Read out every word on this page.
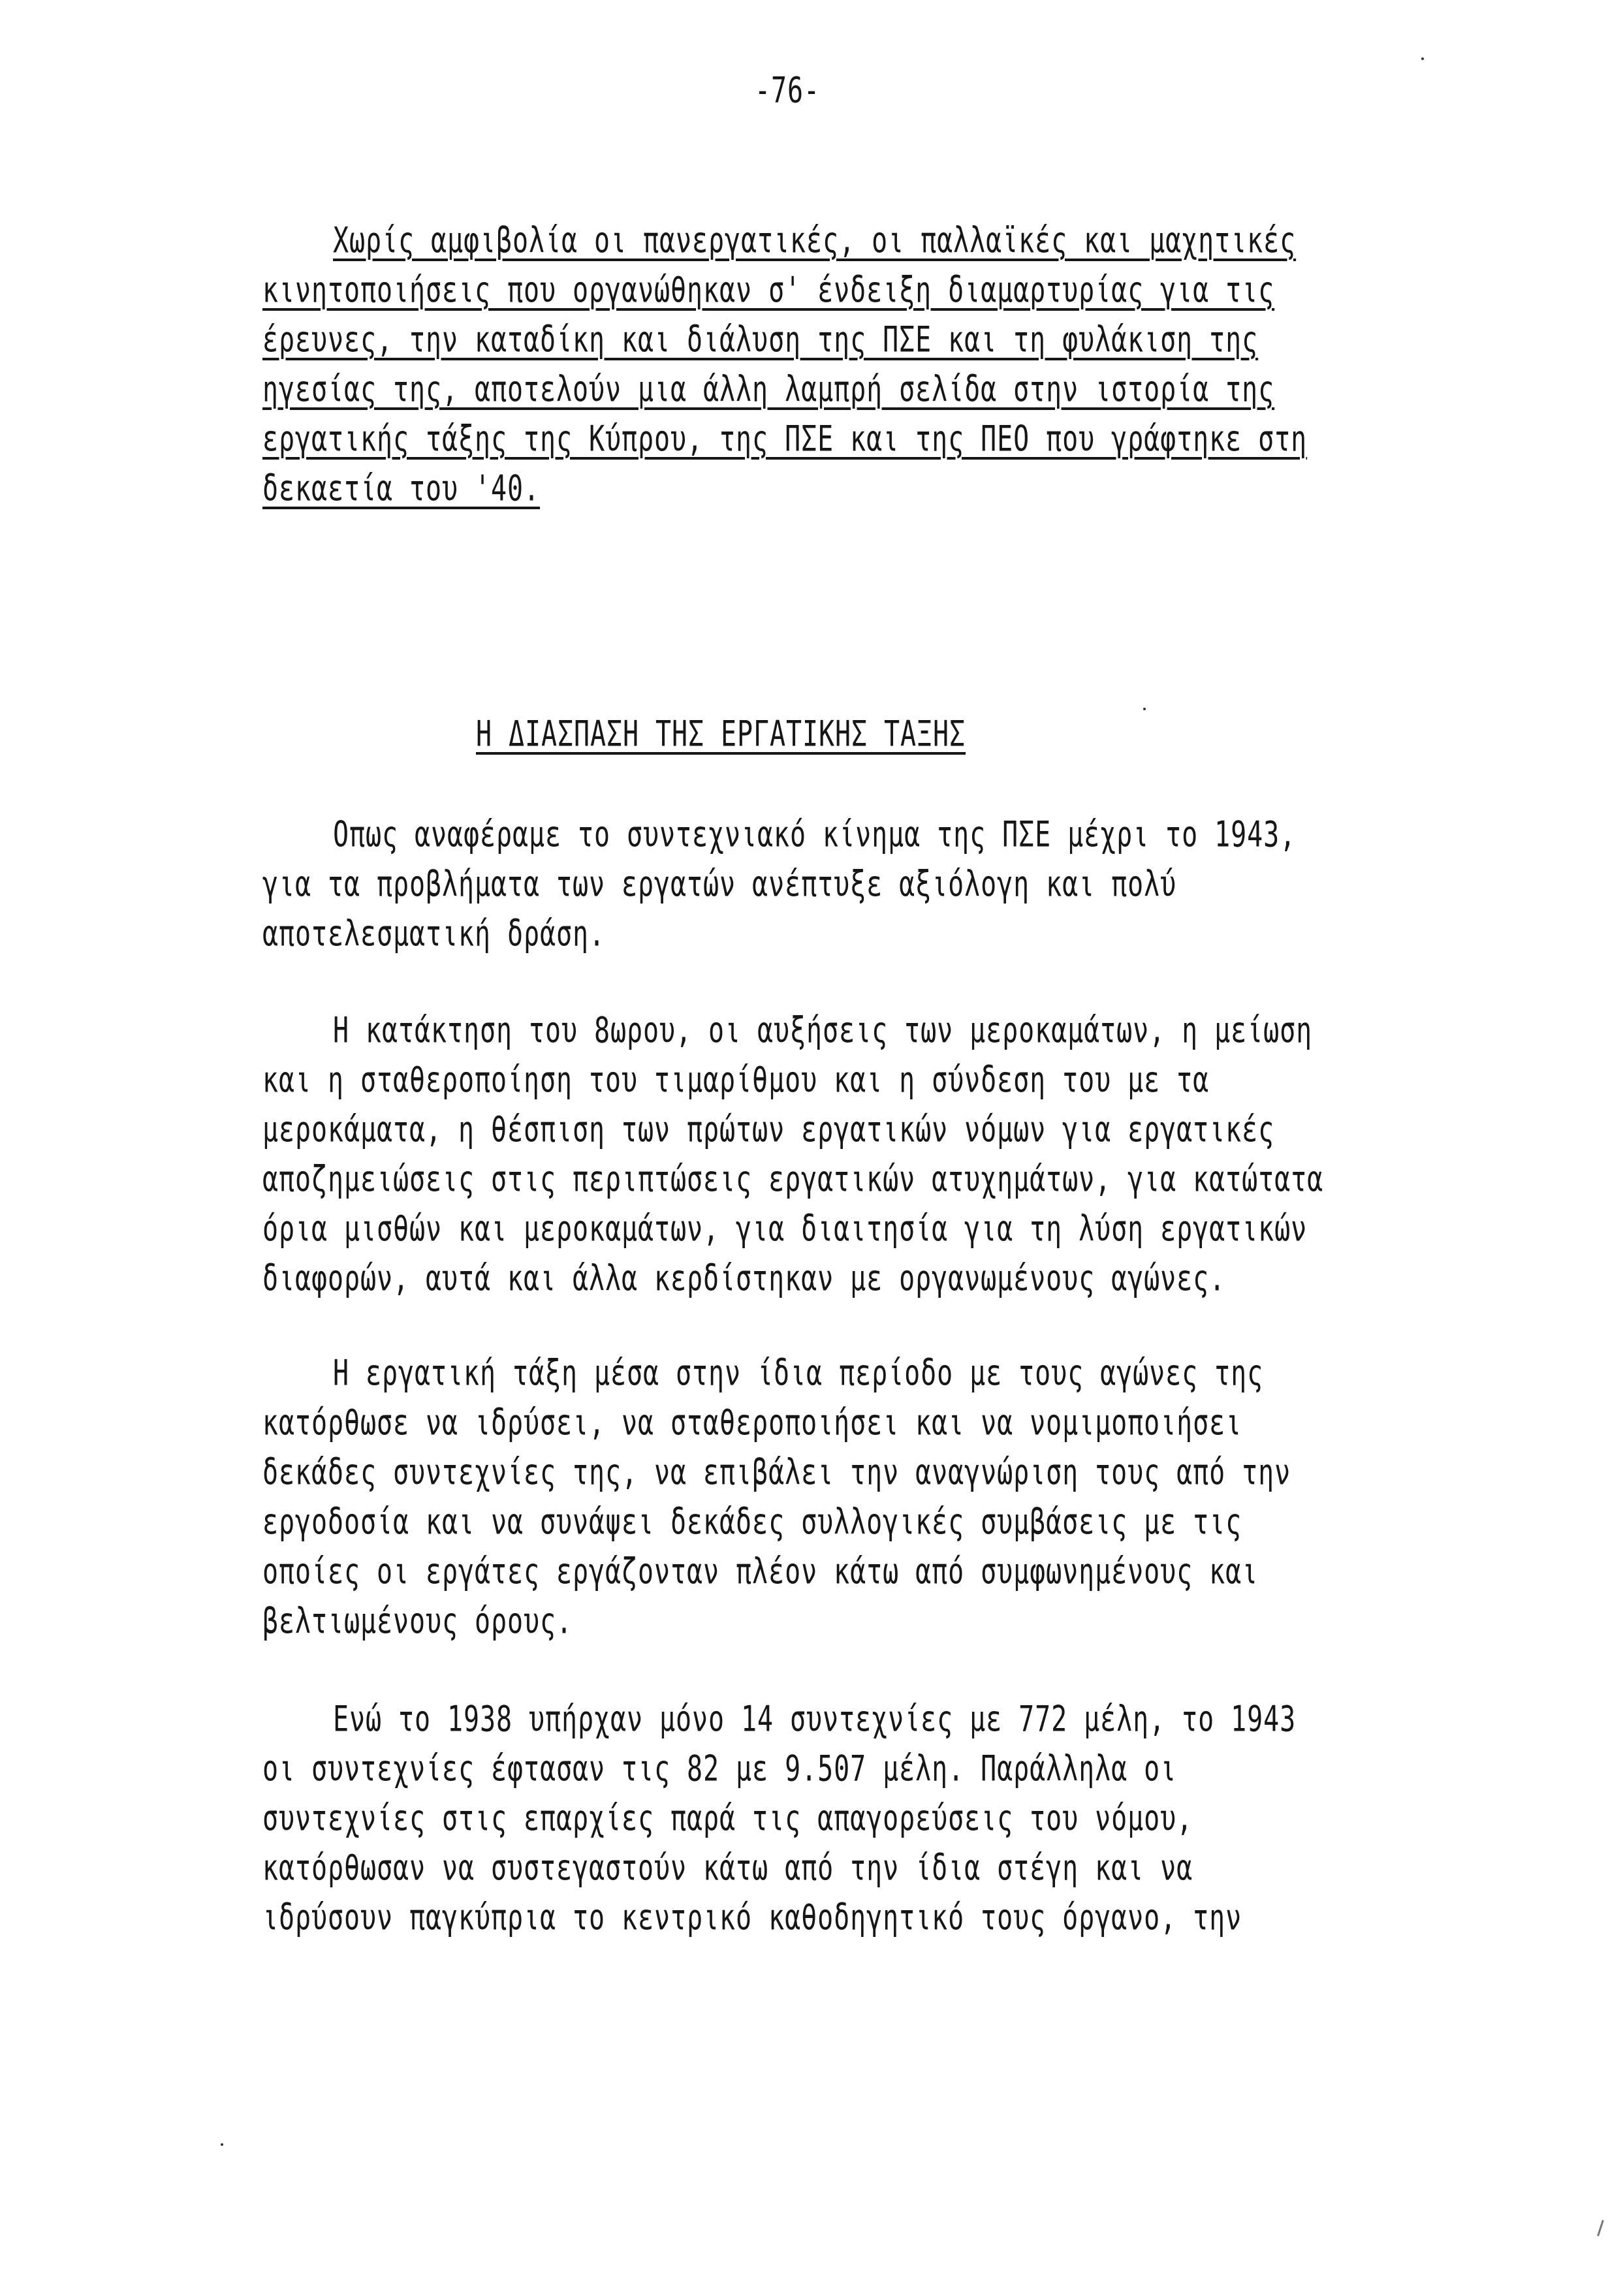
-76-
Χωρίς αμφιβολία οι πανεργατικές, οι παλλαϊκές και μαχητικές
κινητοποιήσεις που οργανώθηκαν σ' ένδειξη διαμαρτυρίας για τις
έρευνες, την καταδίκη και διάλυση της ΠΣΕ και τη φυλάκιση της
ηγεσίας της, αποτελούν μια άλλη λαμπρή σελίδα στην ιστορία της
εργατικής τάξης της Κύπρου, της ΠΣΕ και της ΠΕΟ που γράφτηκε στη
δεκαετία του '40.
Η ΔΙΑΣΠΑΣΗ ΤΗΣ ΕΡΓΑΤΙΚΗΣ ΤΑΞΗΣ
Οπως αναφέραμε το συντεχνιακό κίνημα της ΠΣΕ μέχρι το 1943,
για τα προβλήματα των εργατών ανέπτυξε αξιόλογη και πολύ
αποτελεσματική δράση.
Η κατάκτηση του 8ωρου, οι αυξήσεις των μεροκαμάτων, η μείωση
και η σταθεροποίηση του τιμαρίθμου και η σύνδεση του με τα
μεροκάματα, η θέσπιση των πρώτων εργατικών νόμων για εργατικές
αποζημειώσεις στις περιπτώσεις εργατικών ατυχημάτων, για κατώτατα
όρια μισθών και μεροκαμάτων, για διαιτησία για τη λύση εργατικών
διαφορών, αυτά και άλλα κερδίστηκαν με οργανωμένους αγώνες.
Η εργατική τάξη μέσα στην ίδια περίοδο με τους αγώνες της
κατόρθωσε να ιδρύσει, να σταθεροποιήσει και να νομιμοποιήσει
δεκάδες συντεχνίες της, να επιβάλει την αναγνώριση τους από την
εργοδοσία και να συνάψει δεκάδες συλλογικές συμβάσεις με τις
οποίες οι εργάτες εργάζονταν πλέον κάτω από συμφωνημένους και
βελτιωμένους όρους.
Ενώ το 1938 υπήρχαν μόνο 14 συντεχνίες με 772 μέλη, το 1943
οι συντεχνίες έφτασαν τις 82 με 9.507 μέλη. Παράλληλα οι
συντεχνίες στις επαρχίες παρά τις απαγορεύσεις του νόμου,
κατόρθωσαν να συστεγαστούν κάτω από την ίδια στέγη και να
ιδρύσουν παγκύπρια το κεντρικό καθοδηγητικό τους όργανο, την
